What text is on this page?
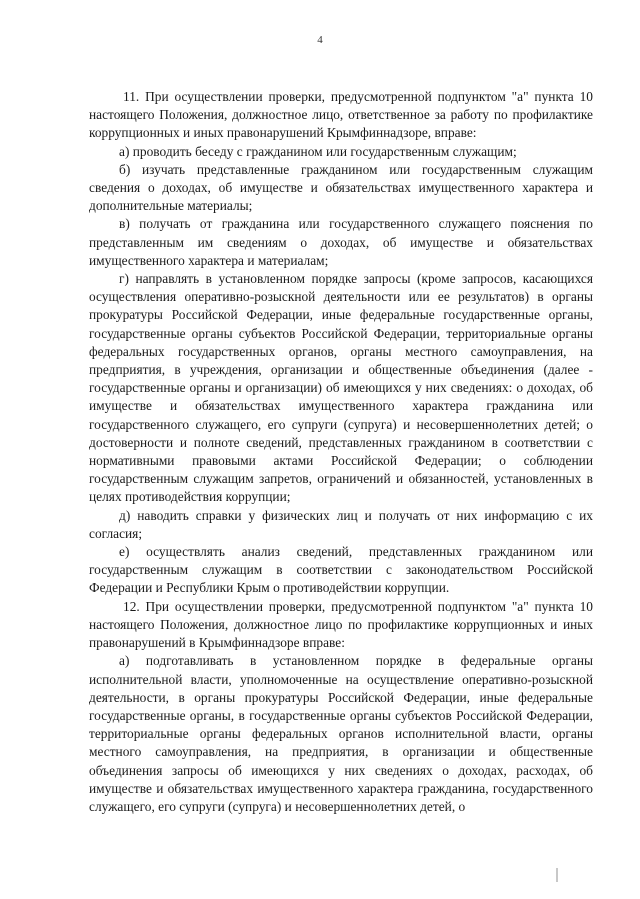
4

11. При осуществлении проверки, предусмотренной подпунктом "а" пункта 10 настоящего Положения, должностное лицо, ответственное за работу по профилактике коррупционных и иных правонарушений Крымфиннадзоре, вправе:

а) проводить беседу с гражданином или государственным служащим;

б) изучать представленные гражданином или государственным служащим сведения о доходах, об имуществе и обязательствах имущественного характера и дополнительные материалы;

в) получать от гражданина или государственного служащего пояснения по представленным им сведениям о доходах, об имуществе и обязательствах имущественного характера и материалам;

г) направлять в установленном порядке запросы (кроме запросов, касающихся осуществления оперативно-розыскной деятельности или ее результатов) в органы прокуратуры Российской Федерации, иные федеральные государственные органы, государственные органы субъектов Российской Федерации, территориальные органы федеральных государственных органов, органы местного самоуправления, на предприятия, в учреждения, организации и общественные объединения (далее - государственные органы и организации) об имеющихся у них сведениях: о доходах, об имуществе и обязательствах имущественного характера гражданина или государственного служащего, его супруги (супруга) и несовершеннолетних детей; о достоверности и полноте сведений, представленных гражданином в соответствии с нормативными правовыми актами Российской Федерации; о соблюдении государственным служащим запретов, ограничений и обязанностей, установленных в целях противодействия коррупции;

д) наводить справки у физических лиц и получать от них информацию с их согласия;

е) осуществлять анализ сведений, представленных гражданином или государственным служащим в соответствии с законодательством Российской Федерации и Республики Крым о противодействии коррупции.

12. При осуществлении проверки, предусмотренной подпунктом "а" пункта 10 настоящего Положения, должностное лицо по профилактике коррупционных и иных правонарушений в Крымфиннадзоре вправе:

а) подготавливать в установленном порядке в федеральные органы исполнительной власти, уполномоченные на осуществление оперативно-розыскной деятельности, в органы прокуратуры Российской Федерации, иные федеральные государственные органы, в государственные органы субъектов Российской Федерации, территориальные органы федеральных органов исполнительной власти, органы местного самоуправления, на предприятия, в организации и общественные объединения запросы об имеющихся у них сведениях о доходах, расходах, об имуществе и обязательствах имущественного характера гражданина, государственного служащего, его супруги (супруга) и несовершеннолетних детей, о
